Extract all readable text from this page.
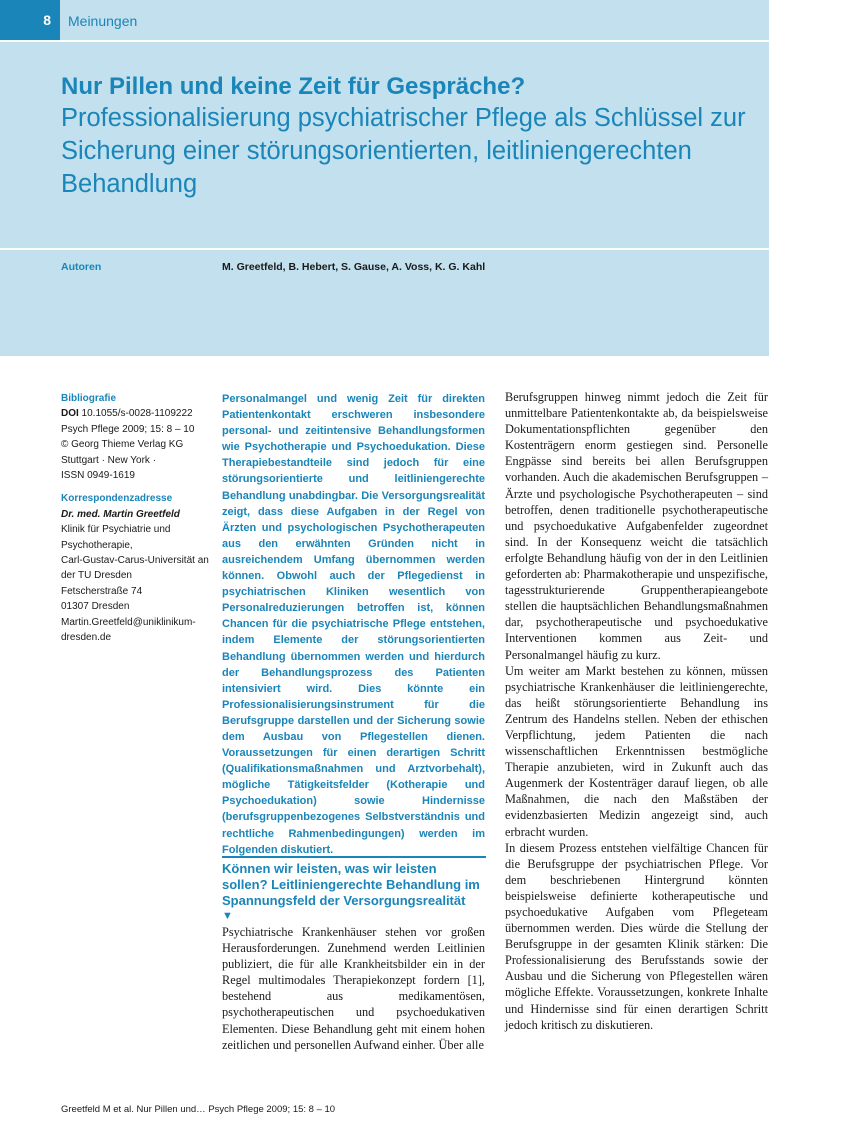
8	Meinungen
Nur Pillen und keine Zeit für Gespräche?
Professionalisierung psychiatrischer Pflege als Schlüssel zur Sicherung einer störungsorientierten, leitliniengerechten Behandlung
Autoren	M. Greetfeld, B. Hebert, S. Gause, A. Voss, K. G. Kahl
Bibliografie
DOI 10.1055/s-0028-1109222
Psych Pflege 2009; 15: 8 – 10
© Georg Thieme Verlag KG
Stuttgart · New York ·
ISSN 0949-1619
Korrespondenzadresse
Dr. med. Martin Greetfeld
Klinik für Psychiatrie und
Psychotherapie,
Carl-Gustav-Carus-Universität an
der TU Dresden
Fetscherstraße 74
01307 Dresden
Martin.Greetfeld@uniklinikum-
dresden.de

Personalmangel und wenig Zeit für direkten Patientenkontakt erschweren insbesondere personal- und zeitintensive Behandlungsformen wie Psychotherapie und Psychoedukation. Diese Therapiebestandteile sind jedoch für eine störungsorientierte und leitliniengerechte Behandlung unabdingbar. Die Versorgungsrealität zeigt, dass diese Aufgaben in der Regel von Ärzten und psychologischen Psychotherapeuten aus den erwähnten Gründen nicht in ausreichendem Umfang übernommen werden können. Obwohl auch der Pflegedienst in psychiatrischen Kliniken wesentlich von Personalreduzierungen betroffen ist, können Chancen für die psychiatrische Pflege entstehen, indem Elemente der störungsorientierten Behandlung übernommen werden und hierdurch der Behandlungsprozess des Patienten intensiviert wird. Dies könnte ein Professionalisierungsinstrument für die Berufsgruppe darstellen und der Sicherung sowie dem Ausbau von Pflegestellen dienen. Voraussetzungen für einen derartigen Schritt (Qualifikationsmaßnahmen und Arztvorbehalt), mögliche Tätigkeitsfelder (Kotherapie und Psychoedukation) sowie Hindernisse (berufsgruppenbezogenes Selbstverständnis und rechtliche Rahmenbedingungen) werden im Folgenden diskutiert.

Können wir leisten, was wir leisten sollen? Leitliniengerechte Behandlung im Spannungsfeld der Versorgungsrealität
▼

Psychiatrische Krankenhäuser stehen vor großen Herausforderungen. Zunehmend werden Leitlinien publiziert, die für alle Krankheitsbilder ein in der Regel multimodales Therapiekonzept fordern [1], bestehend aus medikamentösen, psychotherapeutischen und psychoedukativen Elementen. Diese Behandlung geht mit einem hohen zeitlichen und personellen Aufwand einher. Über alle

Berufsgruppen hinweg nimmt jedoch die Zeit für unmittelbare Patientenkontakte ab, da beispielsweise Dokumentationspflichten gegenüber den Kostenträgern enorm gestiegen sind. Personelle Engpässe sind bereits bei allen Berufsgruppen vorhanden. Auch die akademischen Berufsgruppen – Ärzte und psychologische Psychotherapeuten – sind betroffen, denen traditionelle psychotherapeutische und psychoedukative Aufgabenfelder zugeordnet sind. In der Konsequenz weicht die tatsächlich erfolgte Behandlung häufig von der in den Leitlinien geforderten ab: Pharmakotherapie und unspezifische, tagesstrukturierende Gruppentherapieangebote stellen die hauptsächlichen Behandlungsmaßnahmen dar, psychotherapeutische und psychoedukative Interventionen kommen aus Zeit- und Personalmangel häufig zu kurz.

Um weiter am Markt bestehen zu können, müssen psychiatrische Krankenhäuser die leitliniengerechte, das heißt störungsorientierte Behandlung ins Zentrum des Handelns stellen. Neben der ethischen Verpflichtung, jedem Patienten die nach wissenschaftlichen Erkenntnissen bestmögliche Therapie anzubieten, wird in Zukunft auch das Augenmerk der Kostenträger darauf liegen, ob alle Maßnahmen, die nach den Maßstäben der evidenzbasierten Medizin angezeigt sind, auch erbracht wurden.

In diesem Prozess entstehen vielfältige Chancen für die Berufsgruppe der psychiatrischen Pflege. Vor dem beschriebenen Hintergrund könnten beispielsweise definierte kotherapeutische und psychoedukative Aufgaben vom Pflegeteam übernommen werden. Dies würde die Stellung der Berufsgruppe in der gesamten Klinik stärken: Die Professionalisierung des Berufsstands sowie der Ausbau und die Sicherung von Pflegestellen wären mögliche Effekte. Voraussetzungen, konkrete Inhalte und Hindernisse sind für einen derartigen Schritt jedoch kritisch zu diskutieren.

Greetfeld M et al. Nur Pillen und… Psych Pflege 2009; 15: 8 – 10
